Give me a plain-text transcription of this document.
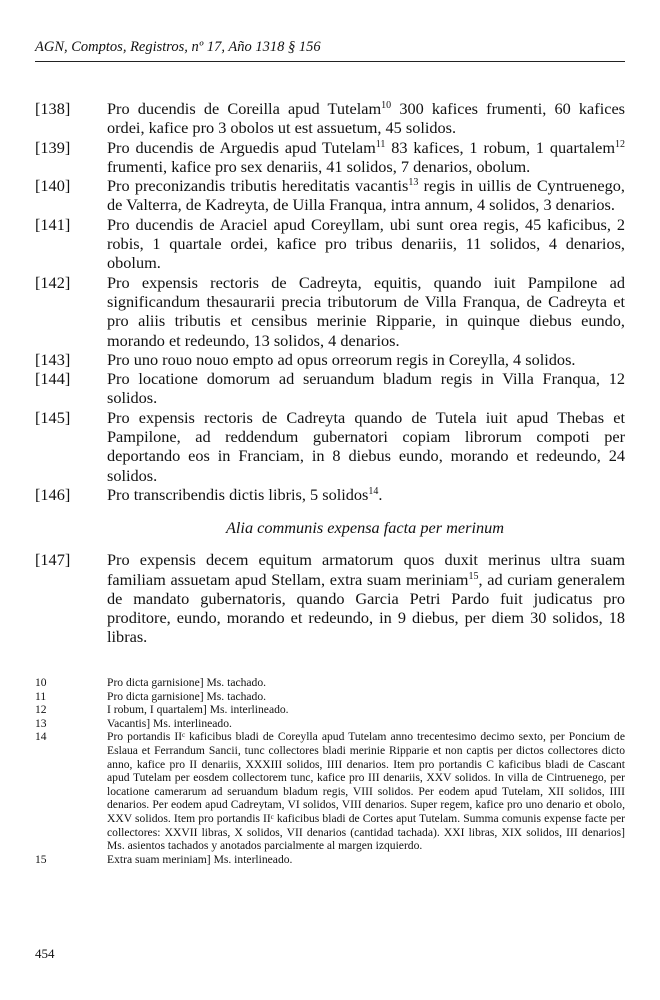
AGN, Comptos, Registros, nº 17, Año 1318 § 156
[138]	Pro ducendis de Coreilla apud Tutelam$^{10}$ 300 kafices frumenti, 60 kafices ordei, kafice pro 3 obolos ut est assuetum, 45 solidos.
[139]	Pro ducendis de Arguedis apud Tutelam$^{11}$ 83 kafices, 1 robum, 1 quartalem$^{12}$ frumenti, kafice pro sex denariis, 41 solidos, 7 denarios, obolum.
[140]	Pro preconizandis tributis hereditatis vacantis$^{13}$ regis in uillis de Cyntruenego, de Valterra, de Kadreyta, de Uilla Franqua, intra annum, 4 solidos, 3 denarios.
[141]	Pro ducendis de Araciel apud Coreyllam, ubi sunt orea regis, 45 kaficibus, 2 robis, 1 quartale ordei, kafice pro tribus denariis, 11 solidos, 4 denarios, obolum.
[142]	Pro expensis rectoris de Cadreyta, equitis, quando iuit Pampilone ad significandum thesaurarii precia tributorum de Villa Franqua, de Cadreyta et pro aliis tributis et censibus merinie Ripparie, in quinque diebus eundo, morando et redeundo, 13 solidos, 4 denarios.
[143]	Pro uno rouo nouo empto ad opus orreorum regis in Coreylla, 4 solidos.
[144]	Pro locatione domorum ad seruandum bladum regis in Villa Franqua, 12 solidos.
[145]	Pro expensis rectoris de Cadreyta quando de Tutela iuit apud Thebas et Pampilone, ad reddendum gubernatori copiam librorum compoti per deportando eos in Franciam, in 8 diebus eundo, morando et redeundo, 24 solidos.
[146]	Pro transcribendis dictis libris, 5 solidos$^{14}$.
Alia communis expensa facta per merinum
[147]	Pro expensis decem equitum armatorum quos duxit merinus ultra suam familiam assuetam apud Stellam, extra suam meriniam$^{15}$, ad curiam generalem de mandato gubernatoris, quando Garcia Petri Pardo fuit judicatus pro proditore, eundo, morando et redeundo, in 9 diebus, per diem 30 solidos, 18 libras.
10	Pro dicta garnisione] Ms. tachado.
11	Pro dicta garnisione] Ms. tachado.
12	I robum, I quartalem] Ms. interlineado.
13	Vacantis] Ms. interlineado.
14	Pro portandis IIᶜ kaficibus bladi de Coreylla apud Tutelam anno trecentesimo decimo sexto, per Poncium de Eslaua et Ferrandum Sancii, tunc collectores bladi merinie Ripparie et non captis per dictos collectores dicto anno, kafice pro II denariis, XXXIII solidos, IIII denarios. Item pro portandis C kaficibus bladi de Cascant apud Tutelam per eosdem collectorem tunc, kafice pro III denariis, XXV solidos. In villa de Cintruenego, per locatione camerarum ad seruandum bladum regis, VIII solidos. Per eodem apud Tutelam, XII solidos, IIII denarios. Per eodem apud Cadreytam, VI solidos, VIII denarios. Super regem, kafice pro uno denario et obolo, XXV solidos. Item pro portandis IIᶜ kaficibus bladi de Cortes aput Tutelam. Summa comunis expense facte per collectores: XXVII libras, X solidos, VII denarios (cantidad tachada). XXI libras, XIX solidos, III denarios] Ms. asientos tachados y anotados parcialmente al margen izquierdo.
15	Extra suam meriniam] Ms. interlineado.
454
